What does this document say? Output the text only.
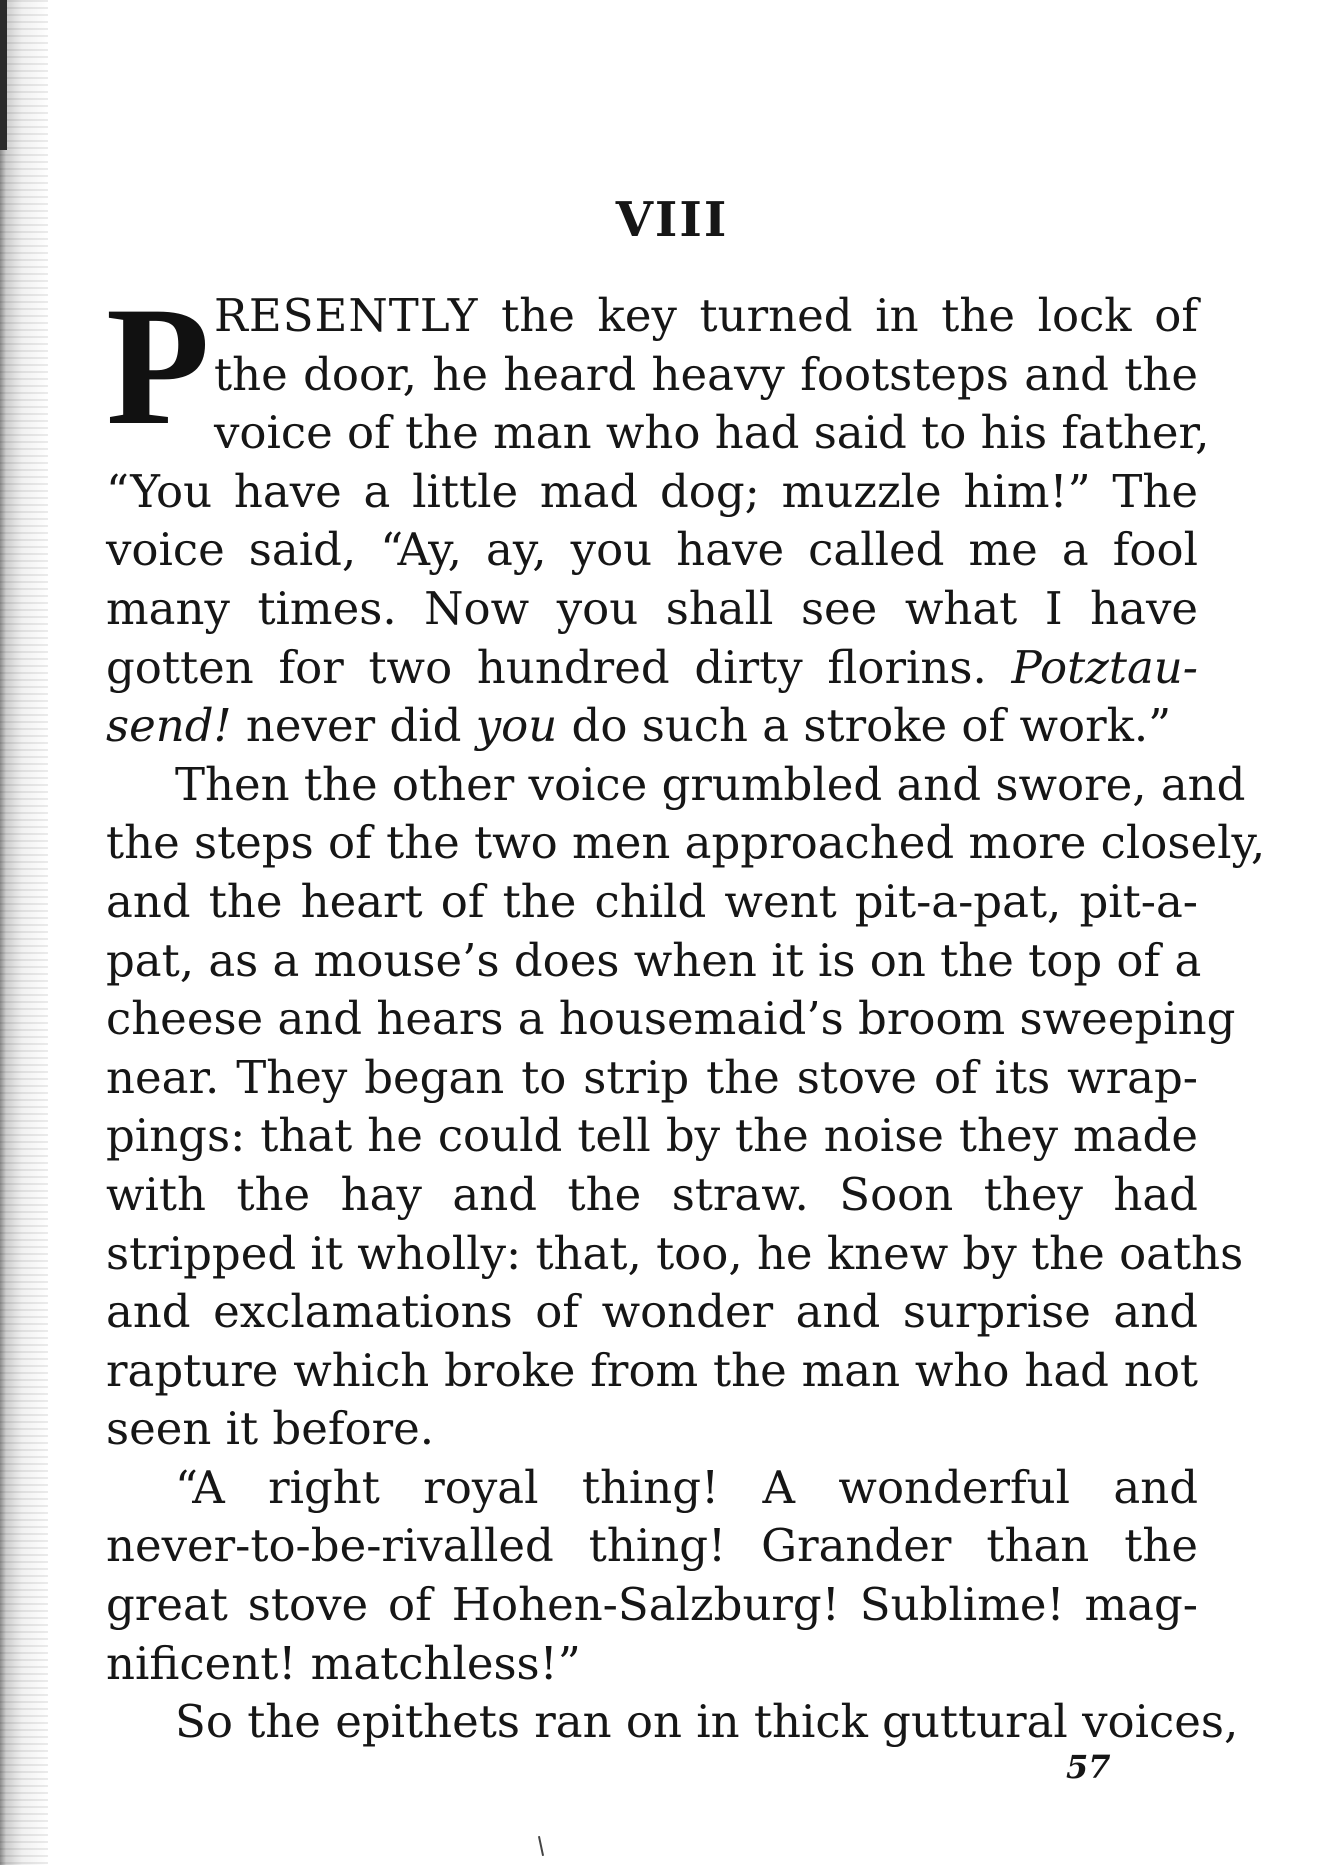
VIII
P RESENTLY the key turned in the lock of
the door, he heard heavy footsteps and the
voice of the man who had said to his father,
“You have a little mad dog; muzzle him!” The
voice said, “Ay, ay, you have called me a fool
many times. Now you shall see what I have
gotten for two hundred dirty florins. Potztau-
send! never did you do such a stroke of work.”
Then the other voice grumbled and swore, and
the steps of the two men approached more closely,
and the heart of the child went pit-a-pat, pit-a-
pat, as a mouse’s does when it is on the top of a
cheese and hears a housemaid’s broom sweeping
near. They began to strip the stove of its wrap-
pings: that he could tell by the noise they made
with the hay and the straw. Soon they had
stripped it wholly: that, too, he knew by the oaths
and exclamations of wonder and surprise and
rapture which broke from the man who had not
seen it before.
“A right royal thing! A wonderful and
never-to-be-rivalled thing! Grander than the
great stove of Hohen-Salzburg! Sublime! mag-
nificent! matchless!”
So the epithets ran on in thick guttural voices,
57
